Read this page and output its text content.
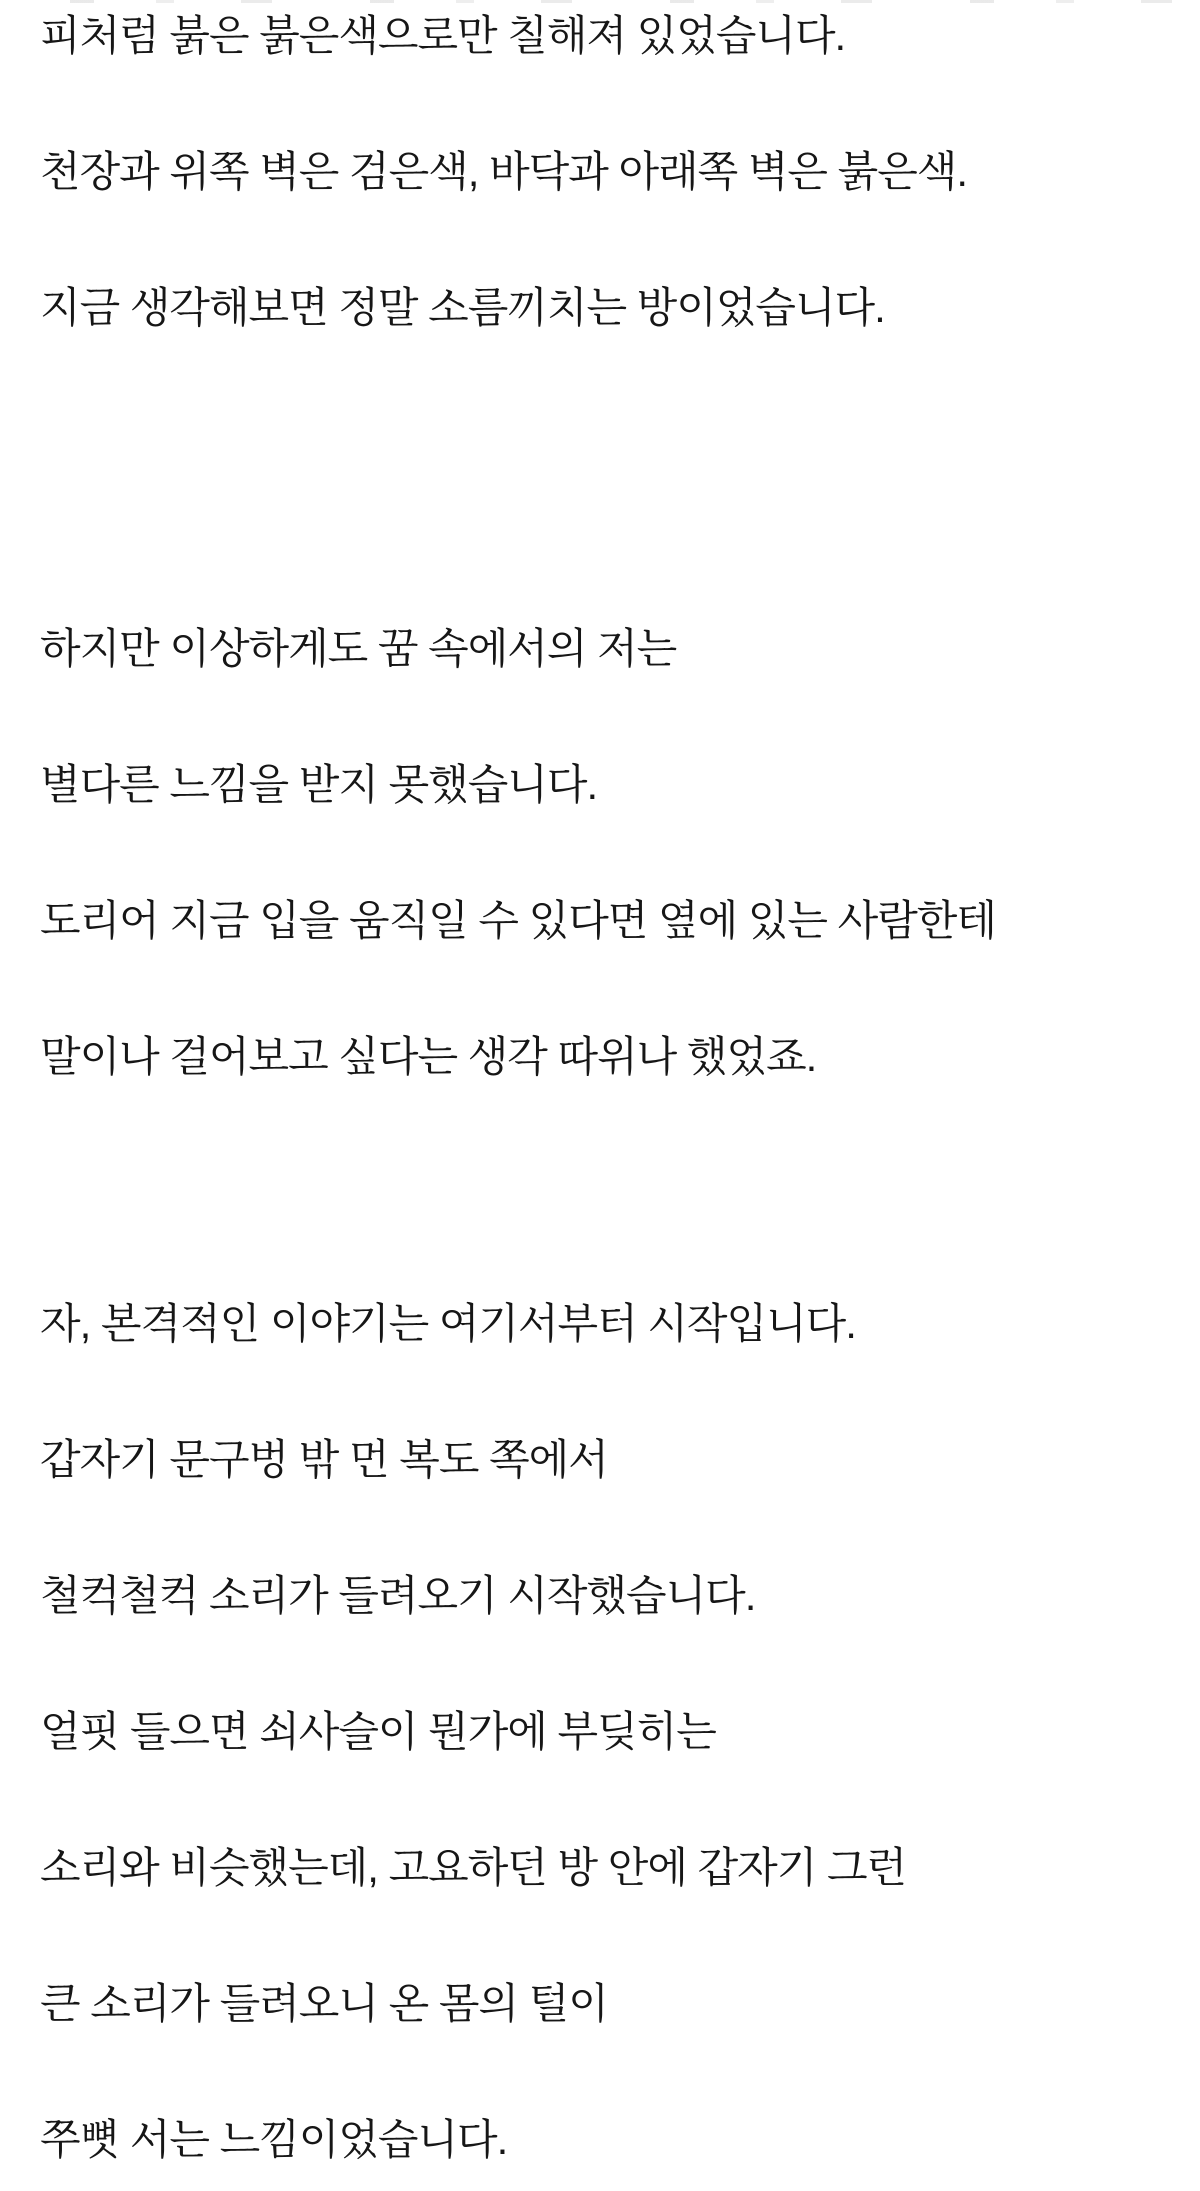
피처럼 붉은 붉은색으로만 칠해져 있었습니다.

천장과 위쪽 벽은 검은색, 바닥과 아래쪽 벽은 붉은색.

지금 생각해보면 정말 소름끼치는 방이었습니다.

하지만 이상하게도 꿈 속에서의 저는

별다른 느낌을 받지 못했습니다.

도리어 지금 입을 움직일 수 있다면 옆에 있는 사람한테

말이나 걸어보고 싶다는 생각 따위나 했었죠.

자, 본격적인 이야기는 여기서부터 시작입니다.

갑자기 문구벙 밖 먼 복도 쪽에서

철컥철컥 소리가 들려오기 시작했습니다.

얼핏 들으면 쇠사슬이 뭔가에 부딪히는

소리와 비슷했는데, 고요하던 방 안에 갑자기 그런

큰 소리가 들려오니 온 몸의 털이

쭈뼛 서는 느낌이었습니다.
